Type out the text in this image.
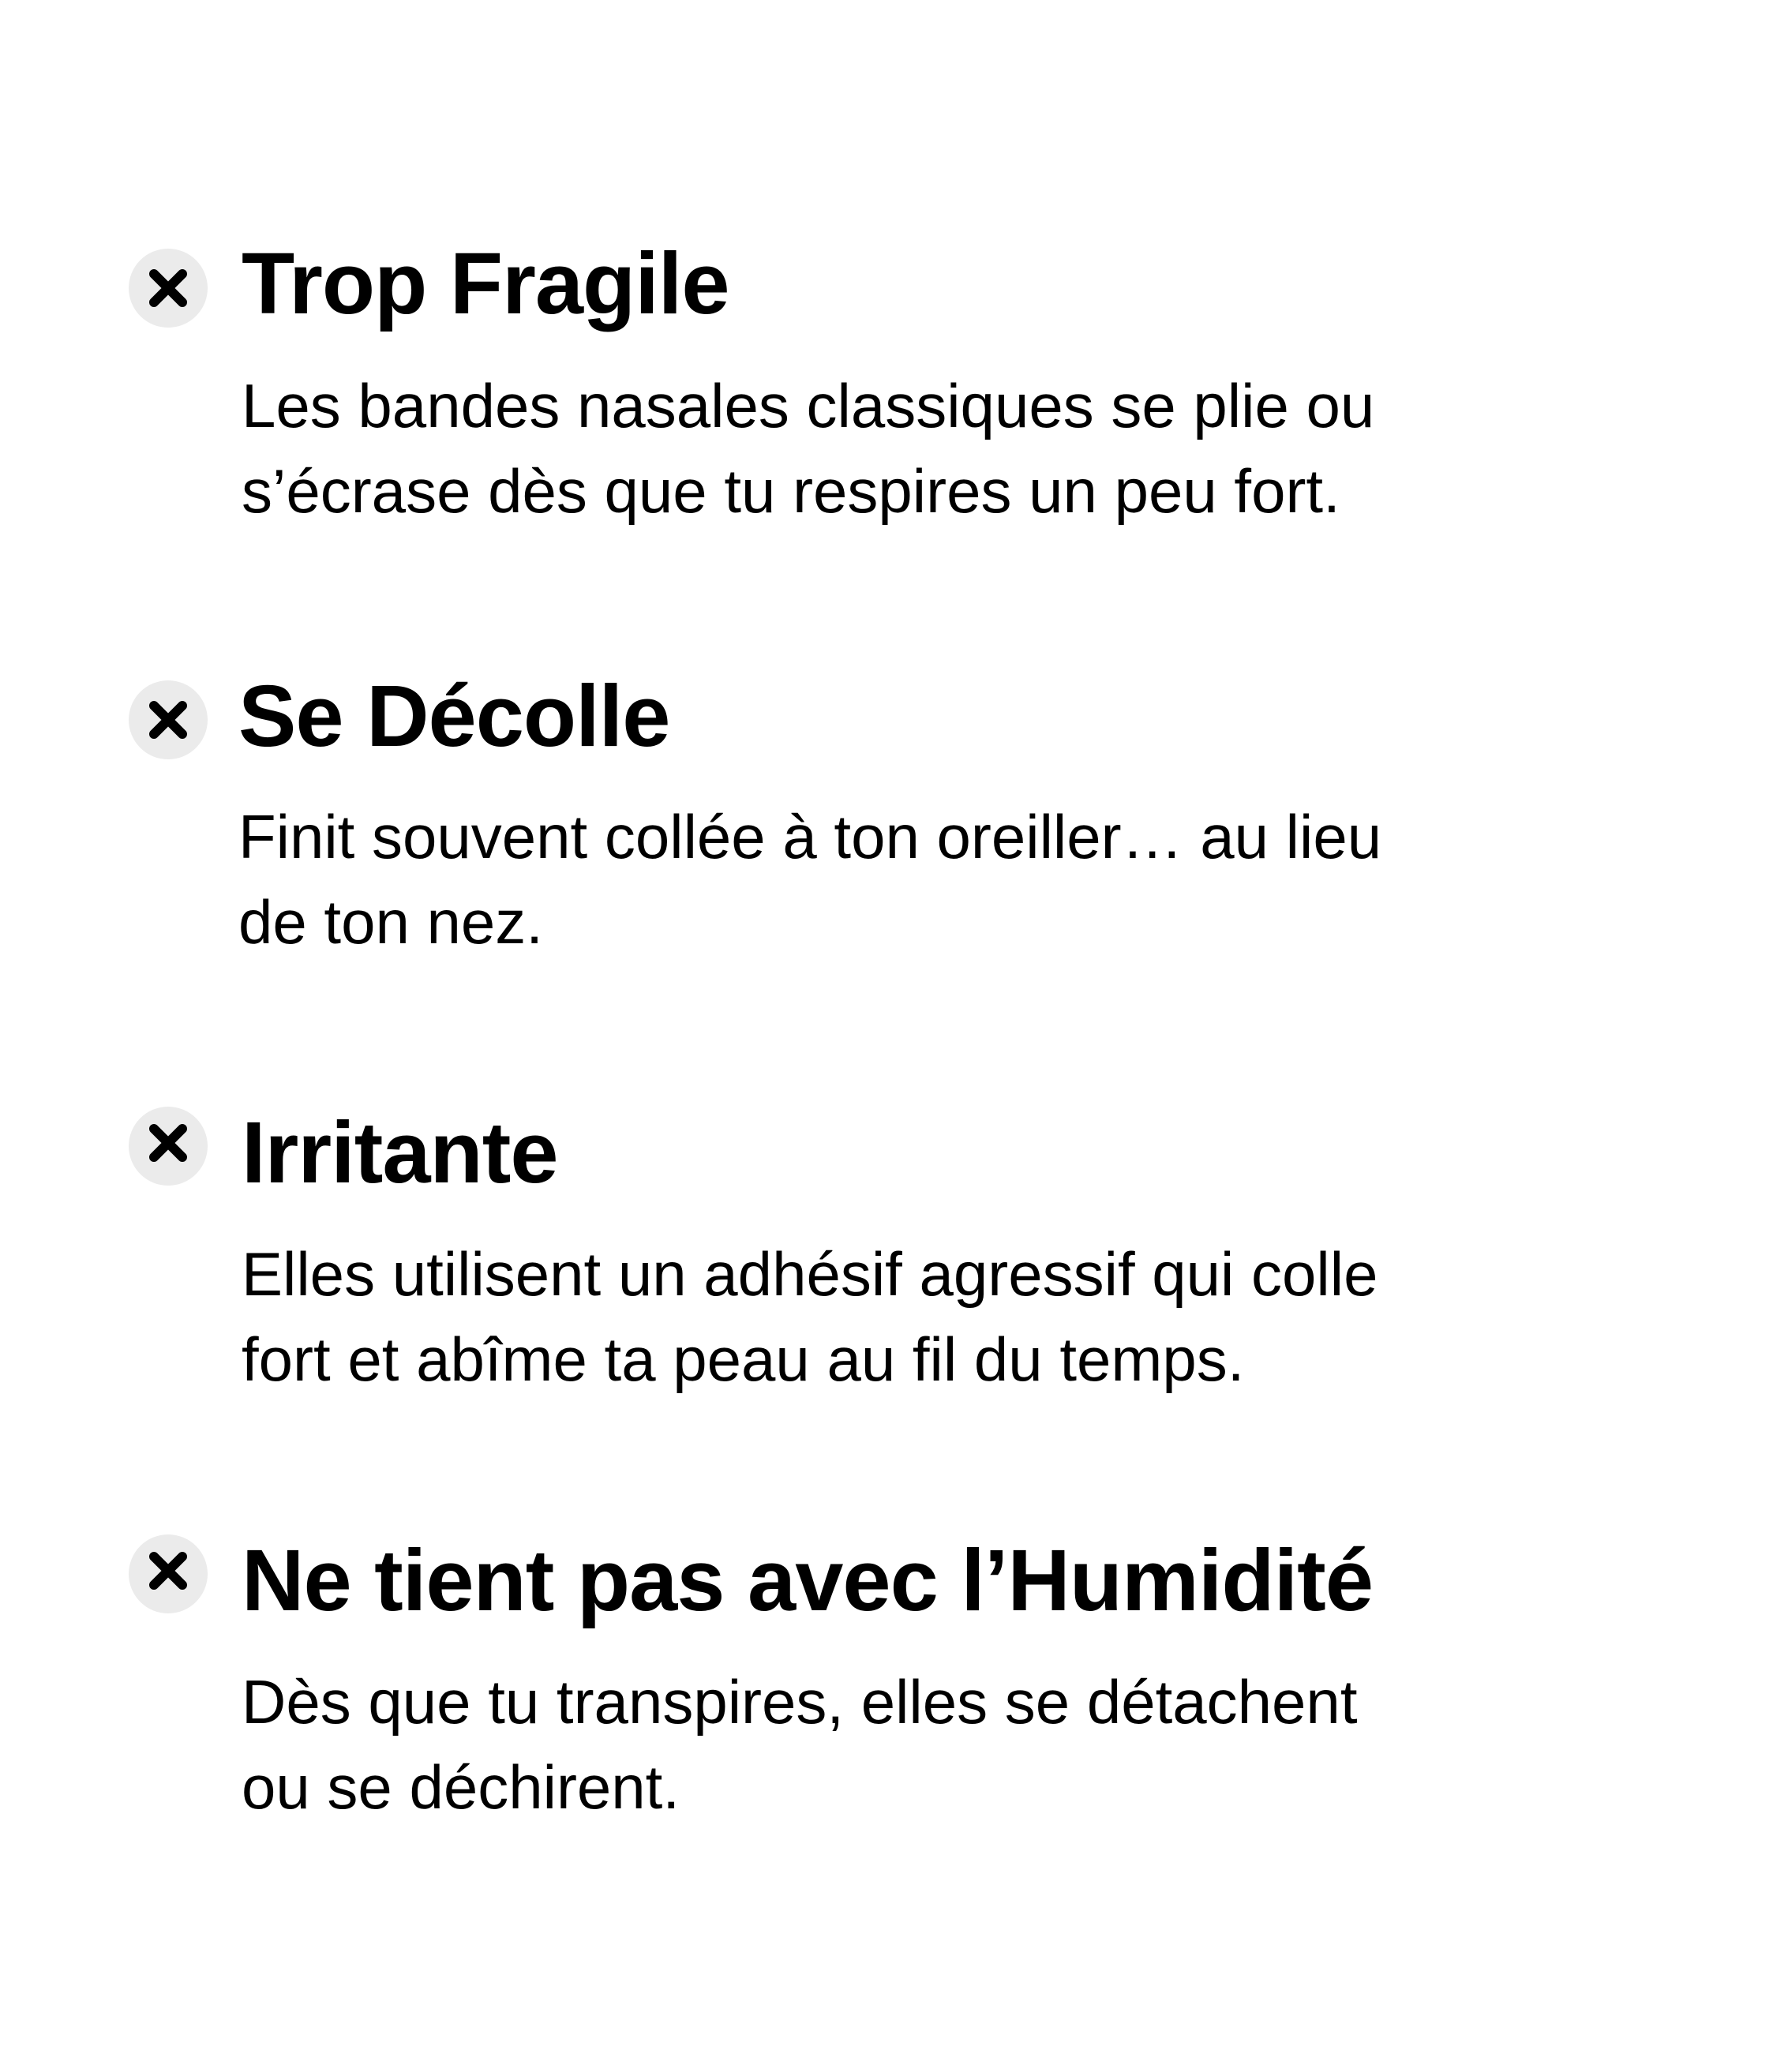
Trop Fragile

Les bandes nasales classiques se plie ou

s’écrase dès que tu respires un peu fort.

Se Décolle

Finit souvent collée à ton oreiller… au lieu

de ton nez.

Irritante

Elles utilisent un adhésif agressif qui colle

fort et abîme ta peau au fil du temps.

Ne tient pas avec l’Humidité

Dès que tu transpires, elles se détachent

ou se déchirent.
